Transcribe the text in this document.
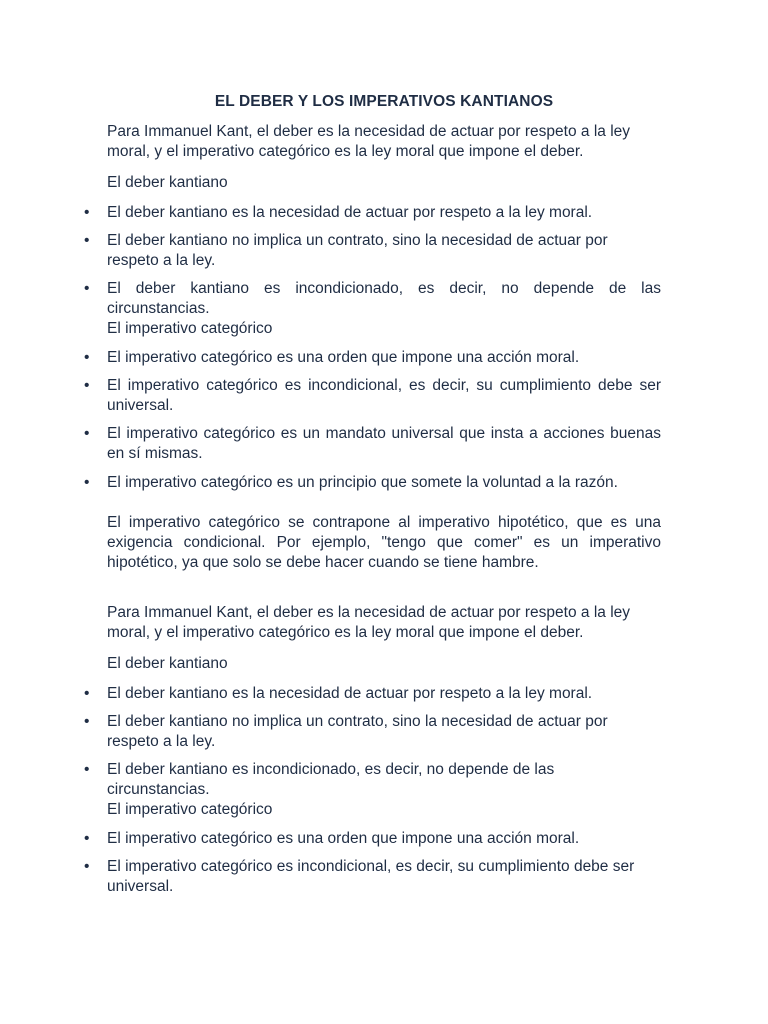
EL DEBER Y LOS IMPERATIVOS KANTIANOS

Para Immanuel Kant, el deber es la necesidad de actuar por respeto a la ley moral, y el imperativo categórico es la ley moral que impone el deber.

El deber kantiano

•	El deber kantiano es la necesidad de actuar por respeto a la ley moral.

•	El deber kantiano no implica un contrato, sino la necesidad de actuar por respeto a la ley.

•	El deber kantiano es incondicionado, es decir, no depende de las circunstancias.

El imperativo categórico

•	El imperativo categórico es una orden que impone una acción moral.

•	El imperativo categórico es incondicional, es decir, su cumplimiento debe ser universal.

•	El imperativo categórico es un mandato universal que insta a acciones buenas en sí mismas.

•	El imperativo categórico es un principio que somete la voluntad a la razón.

El imperativo categórico se contrapone al imperativo hipotético, que es una exigencia condicional. Por ejemplo, "tengo que comer" es un imperativo hipotético, ya que solo se debe hacer cuando se tiene hambre.

Para Immanuel Kant, el deber es la necesidad de actuar por respeto a la ley moral, y el imperativo categórico es la ley moral que impone el deber.

El deber kantiano

•	El deber kantiano es la necesidad de actuar por respeto a la ley moral.

•	El deber kantiano no implica un contrato, sino la necesidad de actuar por respeto a la ley.

•	El deber kantiano es incondicionado, es decir, no depende de las circunstancias.

El imperativo categórico

•	El imperativo categórico es una orden que impone una acción moral.

•	El imperativo categórico es incondicional, es decir, su cumplimiento debe ser universal.
